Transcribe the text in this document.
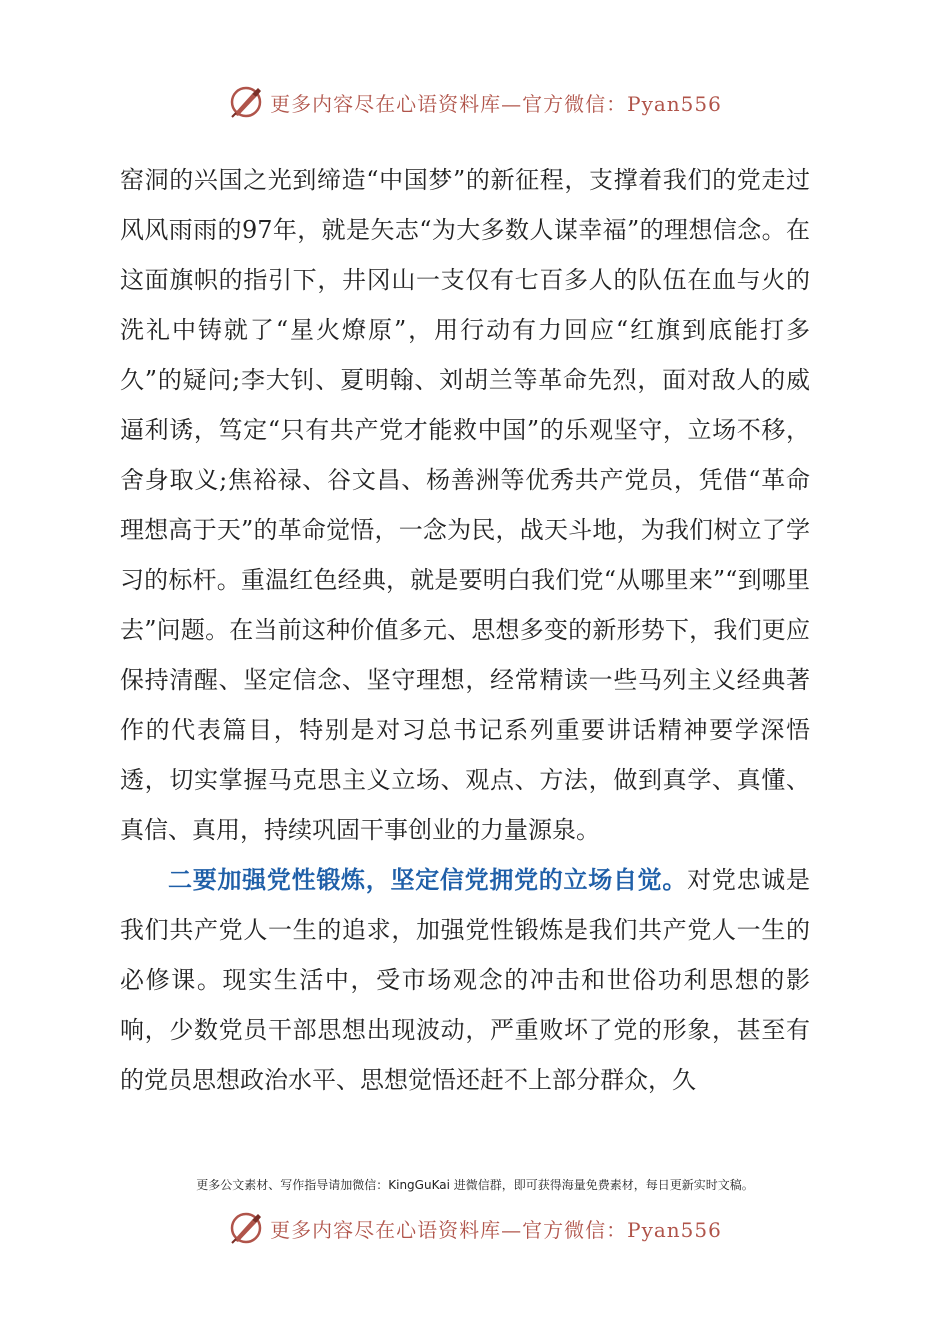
更多内容尽在心语资料库—官方微信：Pyan556

窑洞的兴国之光到缔造“中国梦”的新征程，支撑着我们的党走过风风雨雨的97年，就是矢志“为大多数人谋幸福”的理想信念。在这面旗帜的指引下，井冈山一支仅有七百多人的队伍在血与火的洗礼中铸就了“星火燎原”，用行动有力回应“红旗到底能打多久”的疑问;李大钊、夏明翰、刘胡兰等革命先烈，面对敌人的威逼利诱，笃定“只有共产党才能救中国”的乐观坚守，立场不移，舍身取义;焦裕禄、谷文昌、杨善洲等优秀共产党员，凭借“革命理想高于天”的革命觉悟，一念为民，战天斗地，为我们树立了学习的标杆。重温红色经典，就是要明白我们党“从哪里来”“到哪里去”问题。在当前这种价值多元、思想多变的新形势下，我们更应保持清醒、坚定信念、坚守理想，经常精读一些马列主义经典著作的代表篇目，特别是对习总书记系列重要讲话精神要学深悟透，切实掌握马克思主义立场、观点、方法，做到真学、真懂、真信、真用，持续巩固干事创业的力量源泉。

二要加强党性锻炼，坚定信党拥党的立场自觉。对党忠诚是我们共产党人一生的追求，加强党性锻炼是我们共产党人一生的必修课。现实生活中，受市场观念的冲击和世俗功利思想的影响，少数党员干部思想出现波动，严重败坏了党的形象，甚至有的党员思想政治水平、思想觉悟还赶不上部分群众，久

更多公文素材、写作指导请加微信：KingGuKai 进微信群，即可获得海量免费素材，每日更新实时文稿。
更多内容尽在心语资料库—官方微信：Pyan556
